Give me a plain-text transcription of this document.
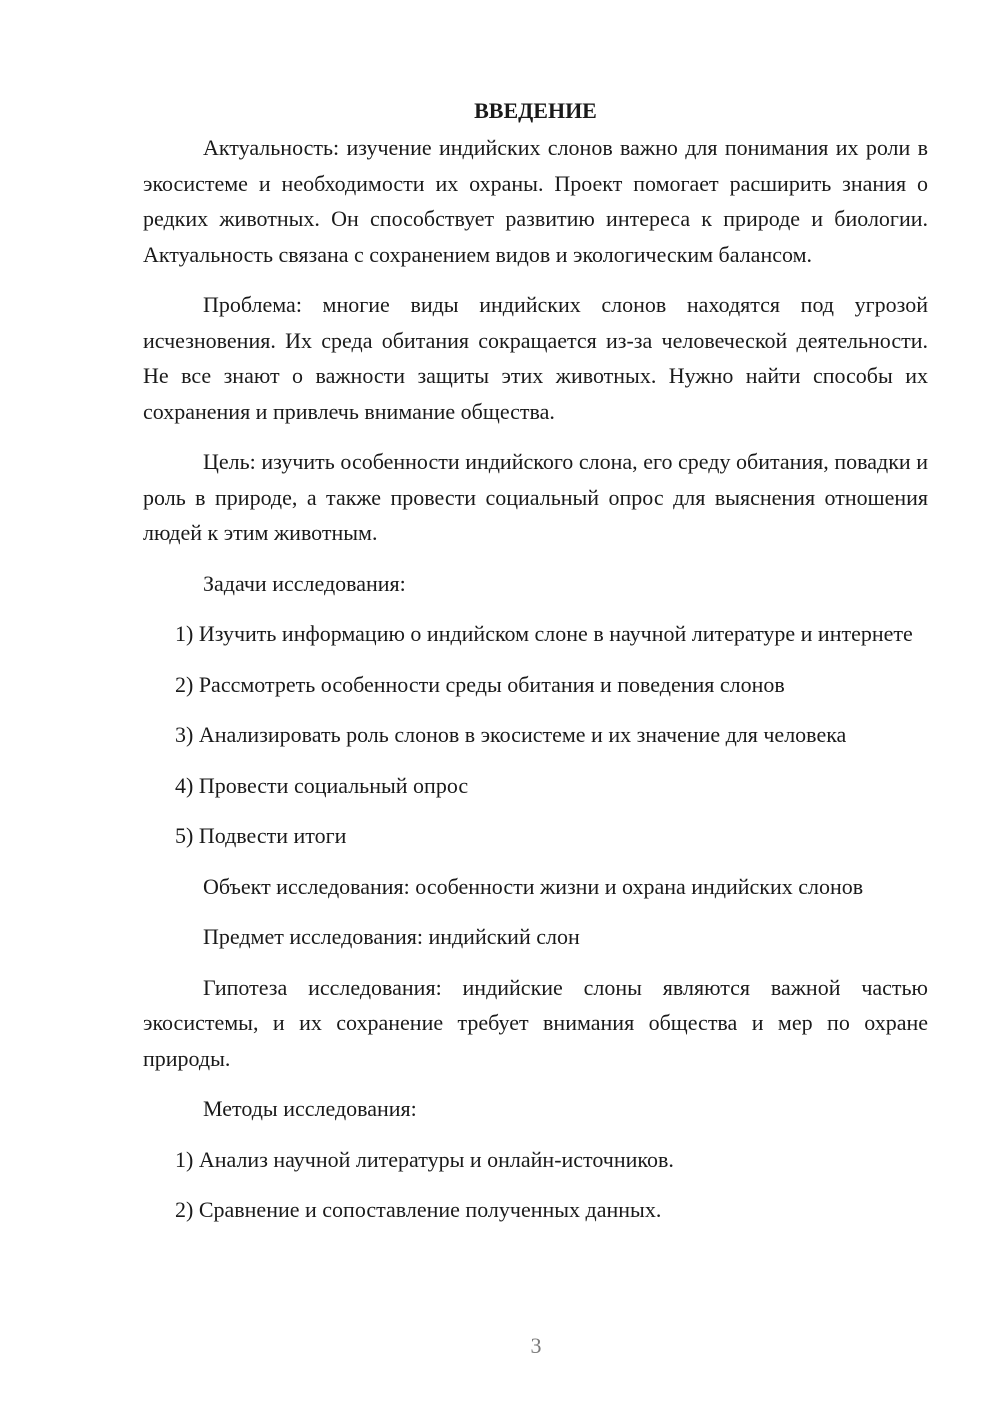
ВВЕДЕНИЕ

Актуальность: изучение индийских слонов важно для понимания их роли в экосистеме и необходимости их охраны. Проект помогает расширить знания о редких животных. Он способствует развитию интереса к природе и биологии. Актуальность связана с сохранением видов и экологическим балансом.

Проблема: многие виды индийских слонов находятся под угрозой исчезновения. Их среда обитания сокращается из-за человеческой деятельности. Не все знают о важности защиты этих животных. Нужно найти способы их сохранения и привлечь внимание общества.

Цель: изучить особенности индийского слона, его среду обитания, повадки и роль в природе, а также провести социальный опрос для выяснения отношения людей к этим животным.

Задачи исследования:

1) Изучить информацию о индийском слоне в научной литературе и интернете

2) Рассмотреть особенности среды обитания и поведения слонов

3) Анализировать роль слонов в экосистеме и их значение для человека

4) Провести социальный опрос

5) Подвести итоги

Объект исследования: особенности жизни и охрана индийских слонов

Предмет исследования: индийский слон

Гипотеза исследования: индийские слоны являются важной частью экосистемы, и их сохранение требует внимания общества и мер по охране природы.

Методы исследования:

1) Анализ научной литературы и онлайн-источников.

2) Сравнение и сопоставление полученных данных.

3
